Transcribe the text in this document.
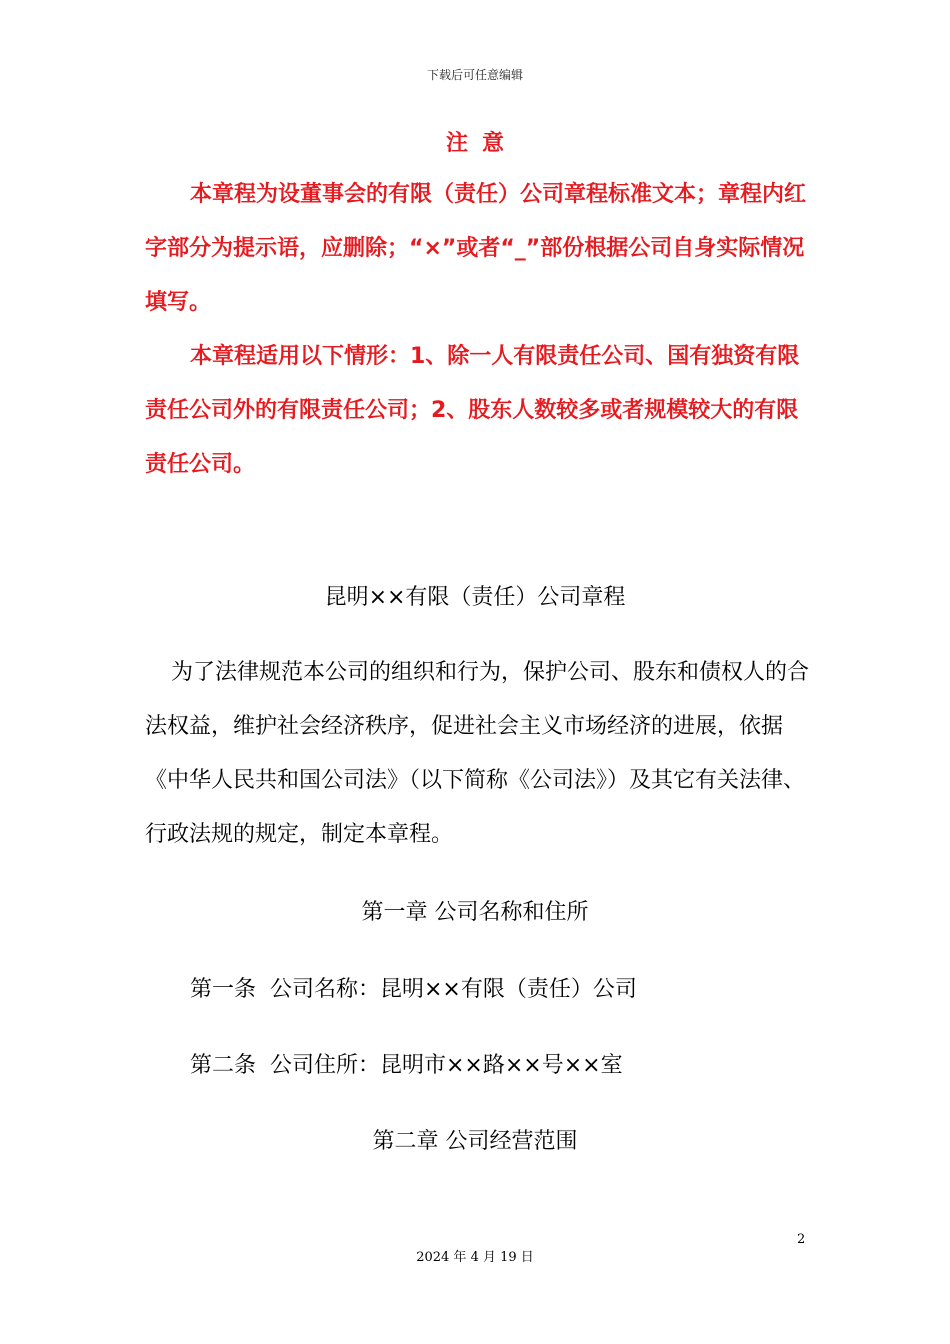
下载后可任意编辑
注意

本章程为设董事会的有限（责任）公司章程标准文本；章程内红字部分为提示语，应删除；“×”或者“_”部份根据公司自身实际情况填写。

本章程适用以下情形：1、除一人有限责任公司、国有独资有限责任公司外的有限责任公司；2、股东人数较多或者规模较大的有限责任公司。

昆明××有限（责任）公司章程

为了法律规范本公司的组织和行为，保护公司、股东和债权人的合法权益，维护社会经济秩序，促进社会主义市场经济的进展，依据《中华人民共和国公司法》（以下简称《公司法》）及其它有关法律、行政法规的规定，制定本章程。

第一章 公司名称和住所
第一条  公司名称：昆明××有限（责任）公司
第二条  公司住所：昆明市××路××号××室
第二章 公司经营范围
2
2024 年 4 月 19 日
